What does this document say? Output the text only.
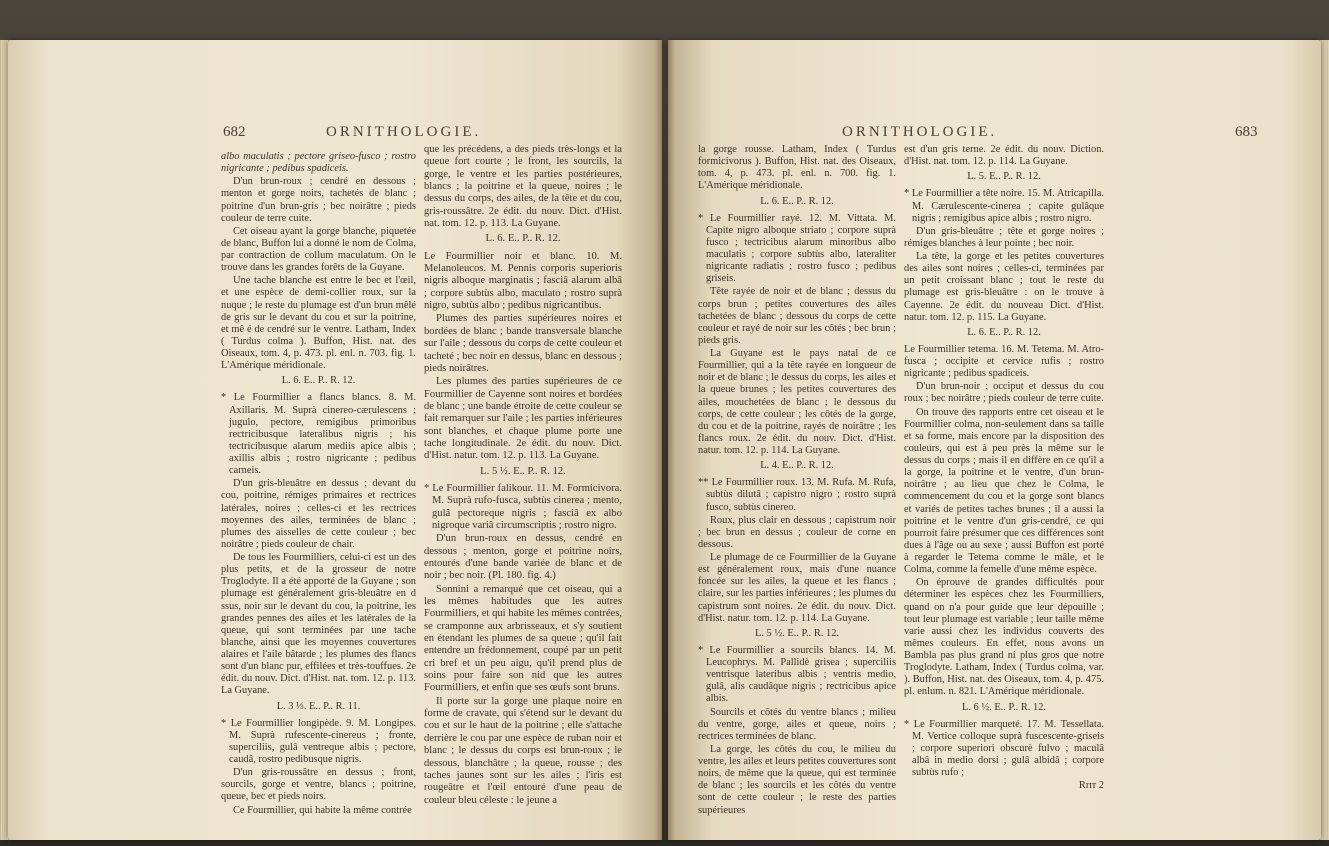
682	ORNITHOLOGIE.

albo maculatis ; pectore griseo-fusco ; rostro nigricante ; pedibus spadiceis.

D'un brun-roux ; cendré en dessous ; menton et gorge noirs, tachetés de blanc ; poitrine d'un brun-gris ; bec noirâtre ; pieds couleur de terre cuite.

Cet oiseau ayant la gorge blanche, piquetée de blanc, Buffon lui a donné le nom de Colma, par contraction de collum maculatum. On le trouve dans les grandes forêts de la Guyane.

Une tache blanche est entre le bec et l'œil, et une espèce de demi-collier roux, sur la nuque ; le reste du plumage est d'un brun mêlé de gris sur le devant du cou et sur la poitrine, et mê é de cendré sur le ventre. Latham, Index ( Turdus colma ). Buffon, Hist. nat. des Oiseaux, tom. 4, p. 473. pl. enl. n. 703. fig. 1. L'Amérique méridionale.

L. 6. E.. P.. R. 12.

* Le Fourmillier a flancs blancs. 8. M. Axillaris. M. Suprà cinereo-cærulescens ; jugulo, pectore, remigibus primoribus rectricibusque lateralibus nigris ; his tectricibusque alarum mediis apice albis ; axillis albis ; rostro nigricante ; pedibus carneis.

D'un gris-bleuâtre en dessus ; devant du cou, poitrine, rémiges primaires et rectrices latérales, noires ; celles-ci et les rectrices moyennes des ailes, terminées de blanc ; plumes des aisselles de cette couleur ; bec noirâtre ; pieds couleur de chair.

De tous les Fourmilliers, celui-ci est un des plus petits, et de la grosseur de notre Troglodyte. Il a été apporté de la Guyane ; son plumage est généralement gris-bleuâtre en d ssus, noir sur le devant du cou, la poitrine, les grandes pennes des ailes et les latérales de la queue, qui sont terminées par une tache blanche, ainsi que les moyennes couvertures alaires et l'aile bâtarde ; les plumes des flancs sont d'un blanc pur, effilées et très-touffues. 2e édit. du nouv. Dict. d'Hist. nat. tom. 12. p. 113. La Guyane.

L. 3 ⅓. E.. P.. R. 11.

* Le Fourmillier longipède. 9. M. Longipes. M. Suprà rufescente-cinereus ; fronte, superciliis, gulâ ventreque albis ; pectore, caudâ, rostro pedibusque nigris.

D'un gris-roussâtre en dessus ; front, sourcils, gorge et ventre, blancs ; poitrine, queue, bec et pieds noirs.

Ce Fourmillier, qui habite la même contrée

que les précédens, a des pieds très-longs et la queue fort courte ; le front, les sourcils, la gorge, le ventre et les parties postérieures, blancs ; la poitrine et la queue, noires ; le dessus du corps, des ailes, de la tête et du cou, gris-roussâtre. 2e édit. du nouv. Dict. d'Hist. nat. tom. 12. p. 113. La Guyane.

L. 6. E.. P.. R. 12.

Le Fourmillier noir et blanc. 10. M. Melanoleucos. M. Pennis corporis superioris nigris alboque marginatis ; fasciâ alarum albâ ; corpore subtùs albo, maculato ; rostro suprà nigro, subtùs albo ; pedibus nigricantibus.

Plumes des parties supérieures noires et bordées de blanc ; bande transversale blanche sur l'aile ; dessous du corps de cette couleur et tacheté ; bec noir en dessus, blanc en dessous ; pieds noirâtres.

Les plumes des parties supérieures de ce Fourmillier de Cayenne sont noires et bordées de blanc ; une bande étroite de cette couleur se fait remarquer sur l'aile ; les parties inférieures sont blanches, et chaque plume porte une tache longitudinale. 2e édit. du nouv. Dict. d'Hist. natur. tom. 12. p. 113. La Guyane.

L. 5 ½. E.. P.. R. 12.

* Le Fourmillier falikour. 11. M. Formicivora. M. Suprà rufo-fusca, subtùs cinerea ; mento, gulâ pectoreque nigris ; fasciâ ex albo nigroque variâ circumscriptis ; rostro nigro.

D'un brun-roux en dessus, cendré en dessous ; menton, gorge et poitrine noirs, entourés d'une bande variée de blanc et de noir ; bec noir. (Pl. 180. fig. 4.)

Sonnini a remarqué que cet oiseau, qui a les mêmes habitudes que les autres Fourmilliers, et qui habite les mêmes contrées, se cramponne aux arbrisseaux, et s'y soutient en étendant les plumes de sa queue ; qu'il fait entendre un frédonnement, coupé par un petit cri bref et un peu aigu, qu'il prend plus de soins pour faire son nid que les autres Fourmilliers, et enfin que ses œufs sont bruns.

Il porte sur la gorge une plaque noire en forme de cravate, qui s'étend sur le devant du cou et sur le haut de la poitrine ; elle s'attache derrière le cou par une espèce de ruban noir et blanc ; le dessus du corps est brun-roux ; le dessous, blanchâtre ; la queue, rousse ; des taches jaunes sont sur les ailes ; l'iris est rougeâtre et l'œil entouré d'une peau de couleur bleu céleste : le jeune a

ORNITHOLOGIE.	683

la gorge rousse. Latham, Index ( Turdus formicivorus ). Buffon, Hist. nat. des Oiseaux, tom. 4, p. 473. pl. enl. n. 700. fig. 1. L'Amérique méridionale.

L. 6. E.. P.. R. 12.

* Le Fourmillier rayé. 12. M. Vittata. M. Capite nigro alboque striato ; corpore suprà fusco ; tectricibus alarum minoribus albo maculatis ; corpore subtùs albo, lateraliter nigricante radiatis ; rostro fusco ; pedibus griseis.

Tête rayée de noir et de blanc ; dessus du corps brun ; petites couvertures des ailes tachetées de blanc ; dessous du corps de cette couleur et rayé de noir sur les côtés ; bec brun ; pieds gris.

La Guyane est le pays natal de ce Fourmillier, qui a la tête rayée en longueur de noir et de blanc ; le dessus du corps, les ailes et la queue brunes ; les petites couvertures des ailes, mouchetées de blanc ; le dessous du corps, de cette couleur ; les côtés de la gorge, du cou et de la poitrine, rayés de noirâtre ; les flancs roux. 2e édit. du nouv. Dict. d'Hist. natur. tom. 12. p. 114. La Guyane.

L. 4. E.. P.. R. 12.

** Le Fourmillier roux. 13. M. Rufa. M. Rufa, subtùs dilutâ ; capistro nigro ; rostro suprà fusco, subtùs cinereo.

Roux, plus clair en dessous ; capistrum noir ; bec brun en dessus ; couleur de corne en dessous.

Le plumage de ce Fourmillier de la Guyane est généralement roux, mais d'une nuance foncée sur les ailes, la queue et les flancs ; claire, sur les parties inférieures ; les plumes du capistrum sont noires. 2e édit. du nouv. Dict. d'Hist. natur. tom. 12. p. 114. La Guyane.

L. 5 ½. E.. P.. R. 12.

* Le Fourmillier a sourcils blancs. 14. M. Leucophrys. M. Pallidè grisea ; superciliis ventrisque lateribus albis ; ventris medio, gulâ, alis caudâque nigris ; rectricibus apice albis.

Sourcils et côtés du ventre blancs ; milieu du ventre, gorge, ailes et queue, noirs ; rectrices terminées de blanc.

La gorge, les côtés du cou, le milieu du ventre, les ailes et leurs petites couvertures sont noirs, de même que la queue, qui est terminée de blanc ; les sourcils et les côtés du ventre sont de cette couleur ; le reste des parties supérieures

est d'un gris terne. 2e édit. du nouv. Diction. d'Hist. nat. tom. 12. p. 114. La Guyane.

L. 5. E.. P.. R. 12.

* Le Fourmillier a tête noire. 15. M. Atricapilla. M. Cærulescente-cinerea ; capite gulâque nigris ; remigibus apice albis ; rostro nigro.

D'un gris-bleuâtre ; tête et gorge noires ; rémiges blanches à leur pointe ; bec noir.

La tête, la gorge et les petites couvertures des ailes sont noires ; celles-ci, terminées par un petit croissant blanc ; tout le reste du plumage est gris-bleuâtre : on le trouve à Cayenne. 2e édit. du nouveau Dict. d'Hist. natur. tom. 12. p. 115. La Guyane.

L. 6. E.. P.. R. 12.

Le Fourmillier tetema. 16. M. Tetema. M. Atro-fusca ; occipite et cervice rufis ; rostro nigricante ; pedibus spadiceis.

D'un brun-noir ; occiput et dessus du cou roux ; bec noirâtre ; pieds couleur de terre cuite.

On trouve des rapports entre cet oiseau et le Fourmillier colma, non-seulement dans sa taille et sa forme, mais encore par la disposition des couleurs, qui est à peu près la même sur le dessus du corps ; mais il en diffère en ce qu'il a la gorge, la poitrine et le ventre, d'un brun-noirâtre ; au lieu que chez le Colma, le commencement du cou et la gorge sont blancs et variés de petites taches brunes ; il a aussi la poitrine et le ventre d'un gris-cendré, ce qui pourroit faire présumer que ces différences sont dues à l'âge ou au sexe ; aussi Buffon est porté à regarder le Tetema comme le mâle, et le Colma, comme la femelle d'une même espèce.

On éprouve de grandes difficultés pour déterminer les espèces chez les Fourmilliers, quand on n'a pour guide que leur dépouille ; tout leur plumage est variable ; leur taille même varie aussi chez les individus couverts des mêmes couleurs. En effet, nous avons un Bambla pas plus grand ni plus gros que notre Troglodyte. Latham, Index ( Turdus colma, var. ). Buffon, Hist. nat. des Oiseaux, tom. 4, p. 475. pl. enlum. n. 821. L'Amérique méridionale.

L. 6 ½. E.. P.. R. 12.

* Le Fourmillier marqueté. 17. M. Tessellata. M. Vertice colloque suprà fuscescente-griseis ; corpore superiori obscurè fulvo ; maculâ albâ in medio dorsi ; gulâ albidâ ; corpore subtùs rufo ;

Rrrr 2
